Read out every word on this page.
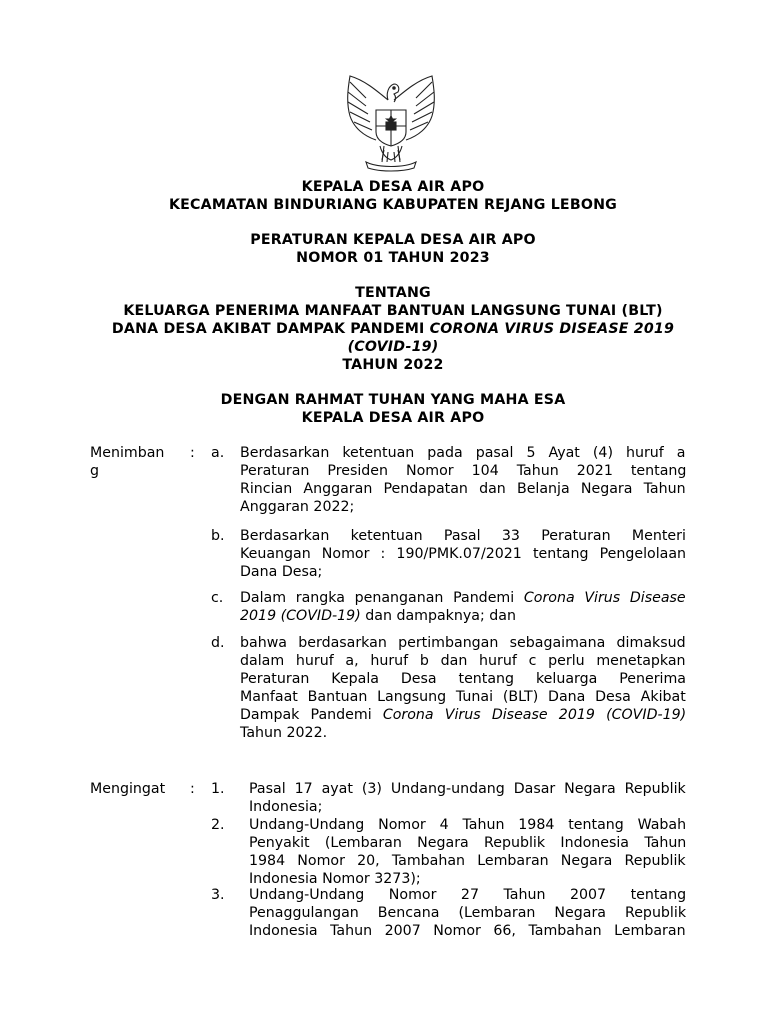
KEPALA DESA AIR APO
KECAMATAN BINDURIANG KABUPATEN REJANG LEBONG
PERATURAN KEPALA DESA AIR APO
NOMOR 01 TAHUN 2023
TENTANG
KELUARGA PENERIMA MANFAAT BANTUAN LANGSUNG TUNAI (BLT)
DANA DESA AKIBAT DAMPAK PANDEMI CORONA VIRUS DISEASE 2019
(COVID-19)
TAHUN 2022
DENGAN RAHMAT TUHAN YANG MAHA ESA
KEPALA DESA AIR APO
Menimban
g
: a. Berdasarkan ketentuan pada pasal 5 Ayat (4) huruf a
Peraturan Presiden Nomor 104 Tahun 2021 tentang
Rincian Anggaran Pendapatan dan Belanja Negara Tahun
Anggaran 2022;
b. Berdasarkan ketentuan Pasal 33 Peraturan Menteri
Keuangan Nomor : 190/PMK.07/2021 tentang Pengelolaan
Dana Desa;
c. Dalam rangka penanganan Pandemi Corona Virus Disease
2019 (COVID-19) dan dampaknya; dan
d. bahwa berdasarkan pertimbangan sebagaimana dimaksud
dalam huruf a, huruf b dan huruf c perlu menetapkan
Peraturan Kepala Desa tentang keluarga Penerima
Manfaat Bantuan Langsung Tunai (BLT) Dana Desa Akibat
Dampak Pandemi Corona Virus Disease 2019 (COVID-19)
Tahun 2022.
Mengingat : 1. Pasal 17 ayat (3) Undang-undang Dasar Negara Republik
Indonesia;
2. Undang-Undang Nomor 4 Tahun 1984 tentang Wabah
Penyakit (Lembaran Negara Republik Indonesia Tahun
1984 Nomor 20, Tambahan Lembaran Negara Republik
Indonesia Nomor 3273);
3. Undang-Undang Nomor 27 Tahun 2007 tentang
Penaggulangan Bencana (Lembaran Negara Republik
Indonesia Tahun 2007 Nomor 66, Tambahan Lembaran
